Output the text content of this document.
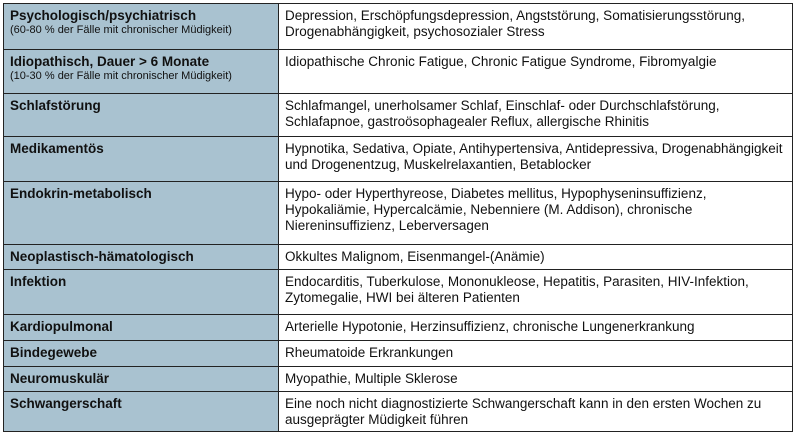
Psychologisch/psychiatrisch
(60-80 % der Fälle mit chronischer Müdigkeit)	Depression, Erschöpfungsdepression, Angststörung, Somatisierungsstörung, Drogenabhängigkeit, psychosozialer Stress

Idiopathisch, Dauer > 6 Monate
(10-30 % der Fälle mit chronischer Müdigkeit)	Idiopathische Chronic Fatigue, Chronic Fatigue Syndrome, Fibromyalgie

Schlafstörung	Schlafmangel, unerholsamer Schlaf, Einschlaf- oder Durchschlafstörung, Schlafapnoe, gastroösophagealer Reflux, allergische Rhinitis

Medikamentös	Hypnotika, Sedativa, Opiate, Antihypertensiva, Antidepressiva, Drogenabhängigkeit und Drogenentzug, Muskelrelaxantien, Betablocker

Endokrin-metabolisch	Hypo- oder Hyperthyreose, Diabetes mellitus, Hypophyseninsuffizienz, Hypokaliämie, Hypercalcämie, Nebenniere (M. Addison), chronische Niereninsuffizienz, Leberversagen

Neoplastisch-hämatologisch	Okkultes Malignom, Eisenmangel-(Anämie)

Infektion	Endocarditis, Tuberkulose, Mononukleose, Hepatitis, Parasiten, HIV-Infektion, Zytomegalie, HWI bei älteren Patienten

Kardiopulmonal	Arterielle Hypotonie, Herzinsuffizienz, chronische Lungenerkrankung

Bindegewebe	Rheumatoide Erkrankungen

Neuromuskulär	Myopathie, Multiple Sklerose

Schwangerschaft	Eine noch nicht diagnostizierte Schwangerschaft kann in den ersten Wochen zu ausgeprägter Müdigkeit führen
